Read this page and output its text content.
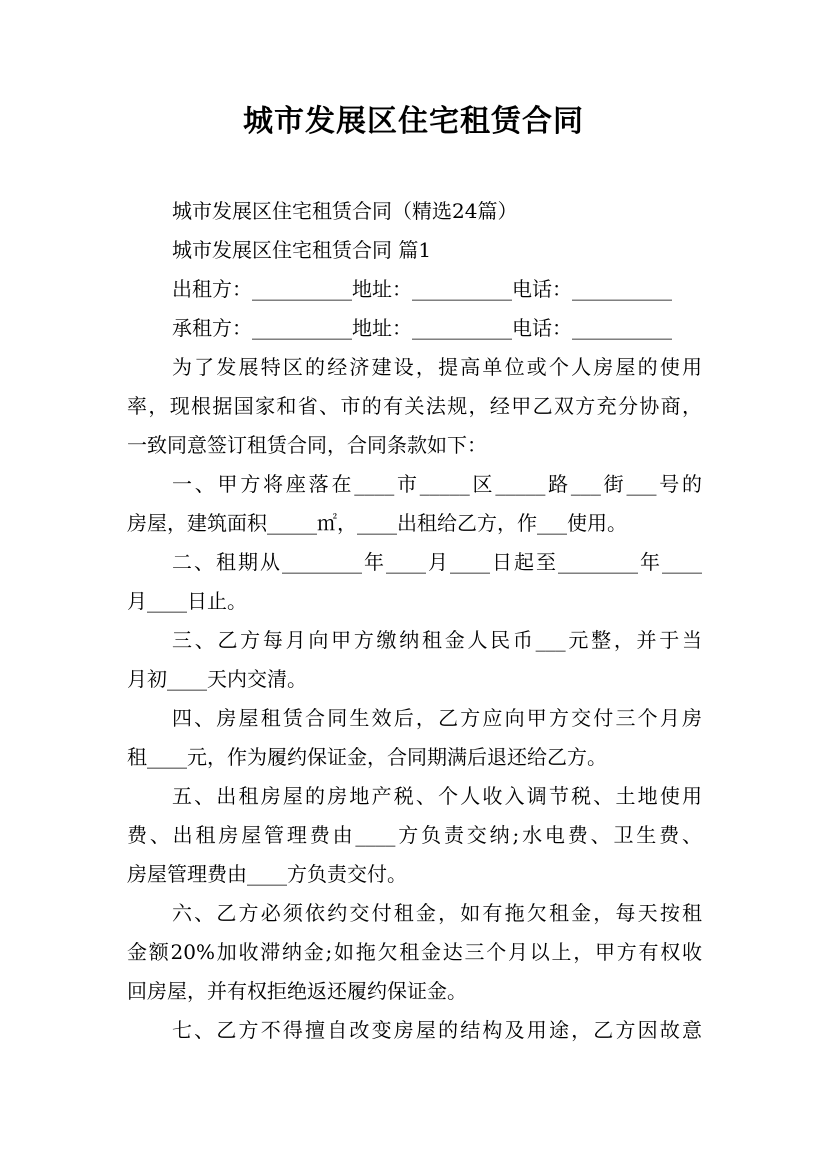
城市发展区住宅租赁合同
城市发展区住宅租赁合同（精选24篇）
城市发展区住宅租赁合同 篇1
出租方：__________地址：__________电话：__________
承租方：__________地址：__________电话：__________
为了发展特区的经济建设，提高单位或个人房屋的使用
率，现根据国家和省、市的有关法规，经甲乙双方充分协商，
一致同意签订租赁合同，合同条款如下：
一、甲方将座落在____市_____区_____路___街___号的
房屋，建筑面积_____㎡，____出租给乙方，作___使用。
二、租期从________年____月____日起至________年____
月____日止。
三、乙方每月向甲方缴纳租金人民币___元整，并于当
月初____天内交清。
四、房屋租赁合同生效后，乙方应向甲方交付三个月房
租____元，作为履约保证金，合同期满后退还给乙方。
五、出租房屋的房地产税、个人收入调节税、土地使用
费、出租房屋管理费由____方负责交纳;水电费、卫生费、
房屋管理费由____方负责交付。
六、乙方必须依约交付租金，如有拖欠租金，每天按租
金额20%加收滞纳金;如拖欠租金达三个月以上，甲方有权收
回房屋，并有权拒绝返还履约保证金。
七、乙方不得擅自改变房屋的结构及用途，乙方因故意
